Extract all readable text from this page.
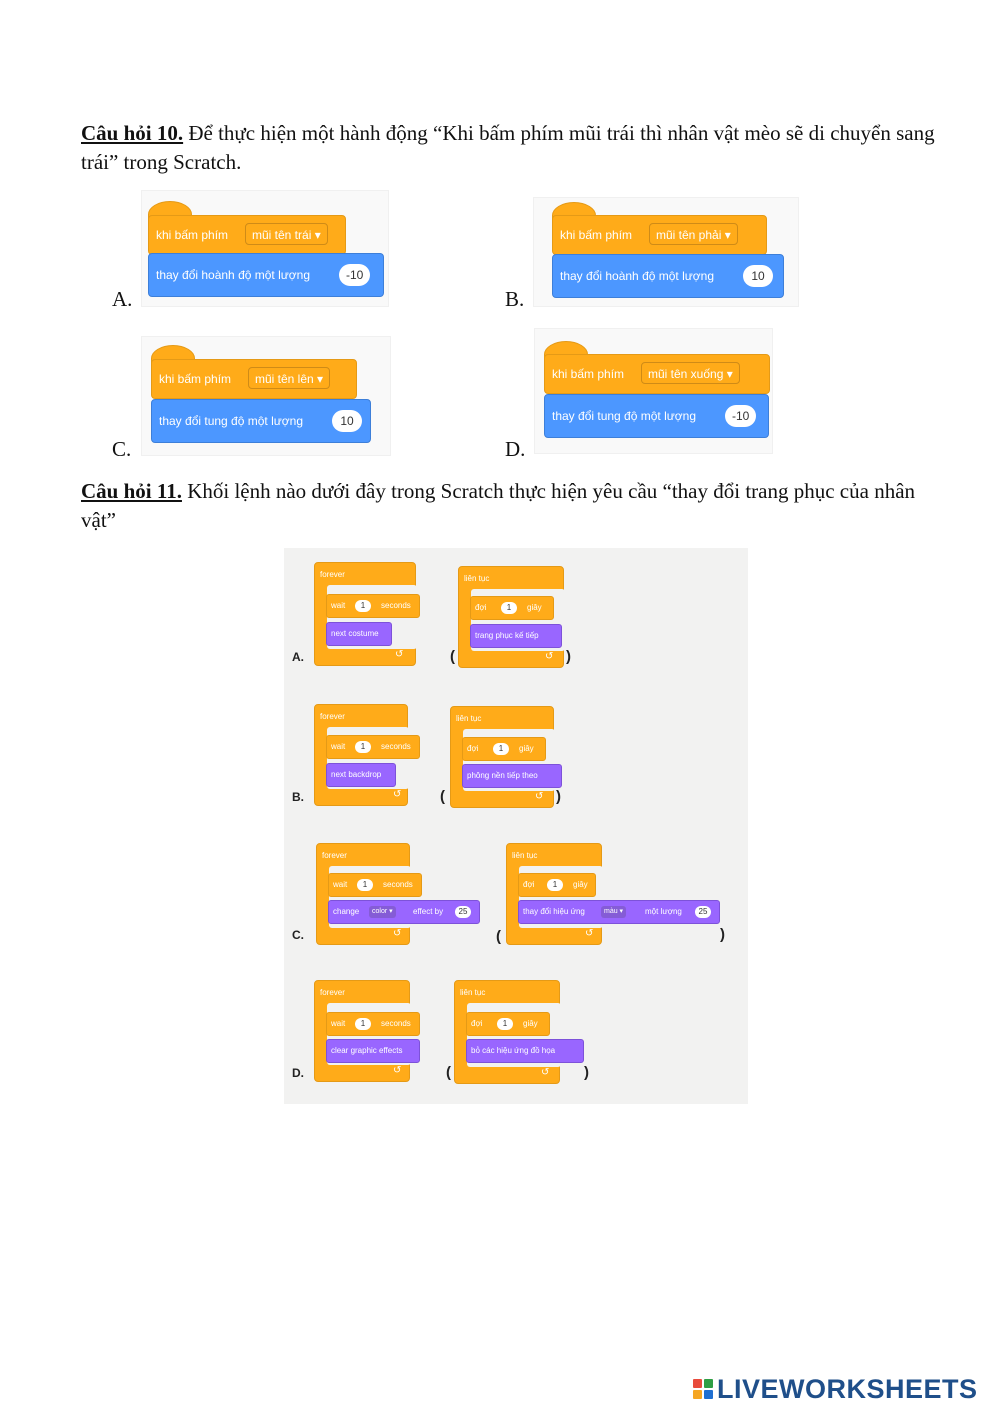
Câu hỏi 10. Để thực hiện một hành động “Khi bấm phím mũi trái thì nhân vật mèo sẽ di chuyển sang trái” trong Scratch.
A.
khi bấm phím	mũi tên trái ▾
thay đổi hoành độ một lượng	-10
B.
khi bấm phím	mũi tên phải ▾
thay đổi hoành độ một lượng	10
C.
khi bấm phím	mũi tên lên ▾
thay đổi tung độ một lượng	10
D.
khi bấm phím	mũi tên xuống ▾
thay đổi tung độ một lượng	-10
Câu hỏi 11. Khối lệnh nào dưới đây trong Scratch thực hiện yêu cầu “thay đổi trang phục của nhân vật”
A.
forever
↺
wait	1	seconds
next costume
(
liên tục
↺
đợi	1	giây
trang phục kế tiếp
)
B.
forever
↺
wait	1	seconds
next backdrop
(
liên tục
↺
đợi	1	giây
phông nền tiếp theo
)
C.
forever
↺
wait	1	seconds
change	color ▾	effect by	25
(
liên tục
↺
đợi	1	giây
thay đổi hiệu ứng	màu ▾	một lượng	25
)
D.
forever
↺
wait	1	seconds
clear graphic effects
(
liên tục
↺
đợi	1	giây
bỏ các hiệu ứng đồ họa
)
LIVEWORKSHEETS
